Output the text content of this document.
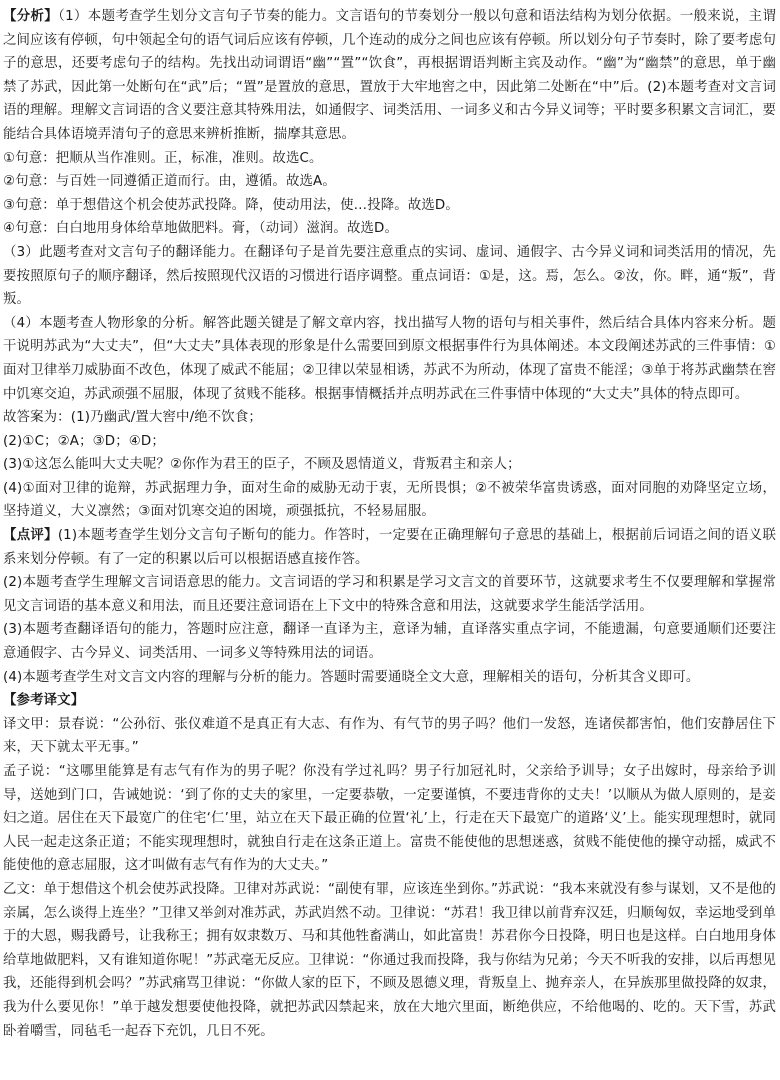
【分析】（1）本题考查学生划分文言句子节奏的能力。文言语句的节奏划分一般以句意和语法结构为划分依据。一般来说，主谓之间应该有停顿，句中领起全句的语气词后应该有停顿，几个连动的成分之间也应该有停顿。所以划分句子节奏时，除了要考虑句子的意思，还要考虑句子的结构。先找出动词谓语“幽”“置”“饮食”，再根据谓语判断主宾及动作。“幽”为“幽禁”的意思，单于幽禁了苏武，因此第一处断句在“武”后；“置”是置放的意思，置放于大牢地窖之中，因此第二处断在“中”后。(2)本题考查对文言词语的理解。理解文言词语的含义要注意其特殊用法，如通假字、词类活用、一词多义和古今异义词等；平时要多积累文言词汇，要能结合具体语境弄清句子的意思来辨析推断，揣摩其意思。

①句意：把顺从当作准则。正，标准，准则。故选C。

②句意：与百姓一同遵循正道而行。由，遵循。故选A。

③句意：单于想借这个机会使苏武投降。降，使动用法，使…投降。故选D。

④句意：白白地用身体给草地做肥料。膏，（动词）滋润。故选D。

（3）此题考查对文言句子的翻译能力。在翻译句子是首先要注意重点的实词、虚词、通假字、古今异义词和词类活用的情况，先要按照原句子的顺序翻译，然后按照现代汉语的习惯进行语序调整。重点词语：①是，这。焉，怎么。②汝，你。畔，通“叛”，背叛。

（4）本题考查人物形象的分析。解答此题关键是了解文章内容，找出描写人物的语句与相关事件，然后结合具体内容来分析。题干说明苏武为“大丈夫”，但“大丈夫”具体表现的形象是什么需要回到原文根据事件行为具体阐述。本文段阐述苏武的三件事情：①面对卫律举刀威胁面不改色，体现了威武不能屈；②卫律以荣显相诱，苏武不为所动，体现了富贵不能淫；③单于将苏武幽禁在窖中饥寒交迫，苏武顽强不屈服，体现了贫贱不能移。根据事情概括并点明苏武在三件事情中体现的“大丈夫”具体的特点即可。

故答案为：(1)乃幽武/置大窖中/绝不饮食；

(2)①C；②A；③D；④D；

(3)①这怎么能叫大丈夫呢？②你作为君王的臣子，不顾及恩情道义，背叛君主和亲人；

(4)①面对卫律的诡辩，苏武据理力争，面对生命的威胁无动于衷，无所畏惧；②不被荣华富贵诱惑，面对同胞的劝降坚定立场，坚持道义，大义凛然；③面对饥寒交迫的困境，顽强抵抗，不轻易屈服。

【点评】(1)本题考查学生划分文言句子断句的能力。作答时，一定要在正确理解句子意思的基础上，根据前后词语之间的语义联系来划分停顿。有了一定的积累以后可以根据语感直接作答。

(2)本题考查学生理解文言词语意思的能力。文言词语的学习和积累是学习文言文的首要环节，这就要求考生不仅要理解和掌握常见文言词语的基本意义和用法，而且还要注意词语在上下文中的特殊含意和用法，这就要求学生能活学活用。

(3)本题考查翻译语句的能力，答题时应注意，翻译一直译为主，意译为辅，直译落实重点字词，不能遗漏，句意要通顺们还要注意通假字、古今异义、词类活用、一词多义等特殊用法的词语。

(4)本题考查学生对文言文内容的理解与分析的能力。答题时需要通晓全文大意，理解相关的语句，分析其含义即可。

【参考译文】

译文甲：景春说：“公孙衍、张仪难道不是真正有大志、有作为、有气节的男子吗？他们一发怒，连诸侯都害怕，他们安静居住下来，天下就太平无事。”

孟子说：“这哪里能算是有志气有作为的男子呢？你没有学过礼吗？男子行加冠礼时，父亲给予训导；女子出嫁时，母亲给予训导，送她到门口，告诫她说：‘到了你的丈夫的家里，一定要恭敬，一定要谨慎，不要违背你的丈夫！’以顺从为做人原则的，是妾妇之道。居住在天下最宽广的住宅‘仁’里，站立在天下最正确的位置‘礼’上，行走在天下最宽广的道路‘义’上。能实现理想时，就同人民一起走这条正道；不能实现理想时，就独自行走在这条正道上。富贵不能使他的思想迷惑，贫贱不能使他的操守动摇，威武不能使他的意志屈服，这才叫做有志气有作为的大丈夫。”

乙文：单于想借这个机会使苏武投降。卫律对苏武说：“副使有罪，应该连坐到你。”苏武说：“我本来就没有参与谋划，又不是他的亲属，怎么谈得上连坐？”卫律又举剑对准苏武，苏武岿然不动。卫律说：“苏君！我卫律以前背弃汉廷，归顺匈奴，幸运地受到单于的大恩，赐我爵号，让我称王；拥有奴隶数万、马和其他牲畜满山，如此富贵！苏君你今日投降，明日也是这样。白白地用身体给草地做肥料，又有谁知道你呢！”苏武毫无反应。卫律说：“你通过我而投降，我与你结为兄弟；今天不听我的安排，以后再想见我，还能得到机会吗？”苏武痛骂卫律说：“你做人家的臣下，不顾及恩德义理，背叛皇上、抛弃亲人，在异族那里做投降的奴隶，我为什么要见你！”单于越发想要使他投降，就把苏武囚禁起来，放在大地穴里面，断绝供应，不给他喝的、吃的。天下雪，苏武卧着嚼雪，同毡毛一起吞下充饥，几日不死。
